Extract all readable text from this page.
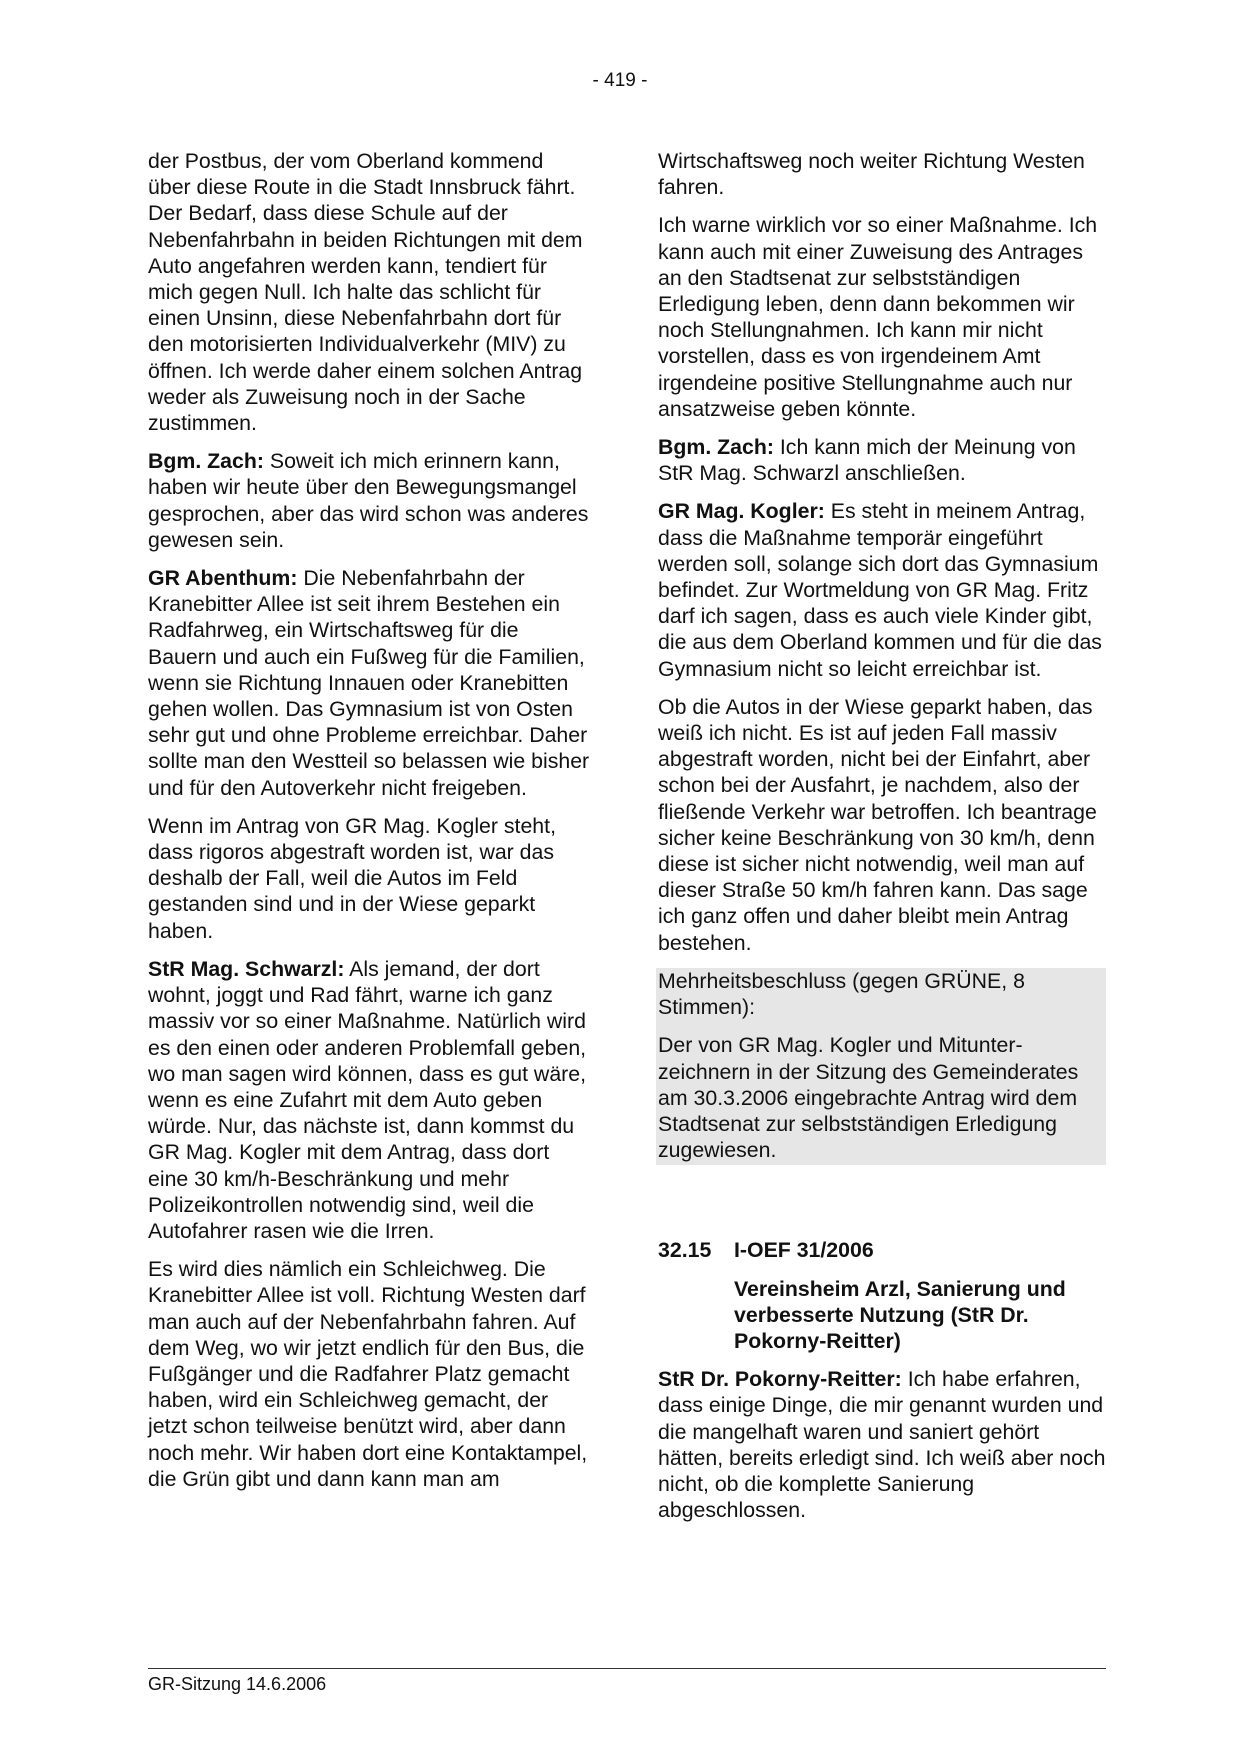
- 419 -

der Postbus, der vom Oberland kommend über diese Route in die Stadt Innsbruck fährt. Der Bedarf, dass diese Schule auf der Nebenfahrbahn in beiden Richtungen mit dem Auto angefahren werden kann, tendiert für mich gegen Null. Ich halte das schlicht für einen Unsinn, diese Nebenfahrbahn dort für den motorisierten Individualverkehr (MIV) zu öffnen. Ich werde daher einem solchen Antrag weder als Zuweisung noch in der Sache zustimmen.

Bgm. Zach: Soweit ich mich erinnern kann, haben wir heute über den Bewegungsmangel gesprochen, aber das wird schon was anderes gewesen sein.

GR Abenthum: Die Nebenfahrbahn der Kranebitter Allee ist seit ihrem Bestehen ein Radfahrweg, ein Wirtschaftsweg für die Bauern und auch ein Fußweg für die Familien, wenn sie Richtung Innauen oder Kranebitten gehen wollen. Das Gymnasium ist von Osten sehr gut und ohne Probleme erreichbar. Daher sollte man den Westteil so belassen wie bisher und für den Autoverkehr nicht freigeben.

Wenn im Antrag von GR Mag. Kogler steht, dass rigoros abgestraft worden ist, war das deshalb der Fall, weil die Autos im Feld gestanden sind und in der Wiese geparkt haben.

StR Mag. Schwarzl: Als jemand, der dort wohnt, joggt und Rad fährt, warne ich ganz massiv vor so einer Maßnahme. Natürlich wird es den einen oder anderen Problemfall geben, wo man sagen wird können, dass es gut wäre, wenn es eine Zufahrt mit dem Auto geben würde. Nur, das nächste ist, dann kommst du GR Mag. Kogler mit dem Antrag, dass dort eine 30 km/h-Beschränkung und mehr Polizeikontrollen notwendig sind, weil die Autofahrer rasen wie die Irren.

Es wird dies nämlich ein Schleichweg. Die Kranebitter Allee ist voll. Richtung Westen darf man auch auf der Nebenfahrbahn fahren. Auf dem Weg, wo wir jetzt endlich für den Bus, die Fußgänger und die Radfahrer Platz gemacht haben, wird ein Schleichweg gemacht, der jetzt schon teilweise benützt wird, aber dann noch mehr. Wir haben dort eine Kontaktampel, die Grün gibt und dann kann man am

Wirtschaftsweg noch weiter Richtung Westen fahren.

Ich warne wirklich vor so einer Maßnahme. Ich kann auch mit einer Zuweisung des Antrages an den Stadtsenat zur selbstständigen Erledigung leben, denn dann bekommen wir noch Stellungnahmen. Ich kann mir nicht vorstellen, dass es von irgendeinem Amt irgendeine positive Stellungnahme auch nur ansatzweise geben könnte.

Bgm. Zach: Ich kann mich der Meinung von StR Mag. Schwarzl anschließen.

GR Mag. Kogler: Es steht in meinem Antrag, dass die Maßnahme temporär eingeführt werden soll, solange sich dort das Gymnasium befindet. Zur Wortmeldung von GR Mag. Fritz darf ich sagen, dass es auch viele Kinder gibt, die aus dem Oberland kommen und für die das Gymnasium nicht so leicht erreichbar ist.

Ob die Autos in der Wiese geparkt haben, das weiß ich nicht. Es ist auf jeden Fall massiv abgestraft worden, nicht bei der Einfahrt, aber schon bei der Ausfahrt, je nachdem, also der fließende Verkehr war betroffen. Ich beantrage sicher keine Beschränkung von 30 km/h, denn diese ist sicher nicht notwendig, weil man auf dieser Straße 50 km/h fahren kann. Das sage ich ganz offen und daher bleibt mein Antrag bestehen.

Mehrheitsbeschluss (gegen GRÜNE, 8 Stimmen):

Der von GR Mag. Kogler und Mitunterzeichnern in der Sitzung des Gemeinderates am 30.3.2006 eingebrachte Antrag wird dem Stadtsenat zur selbstständigen Erledigung zugewiesen.

32.15	I-OEF 31/2006
Vereinsheim Arzl, Sanierung und verbesserte Nutzung (StR Dr. Pokorny-Reitter)

StR Dr. Pokorny-Reitter: Ich habe erfahren, dass einige Dinge, die mir genannt wurden und die mangelhaft waren und saniert gehört hätten, bereits erledigt sind. Ich weiß aber noch nicht, ob die komplette Sanierung abgeschlossen.

GR-Sitzung 14.6.2006
